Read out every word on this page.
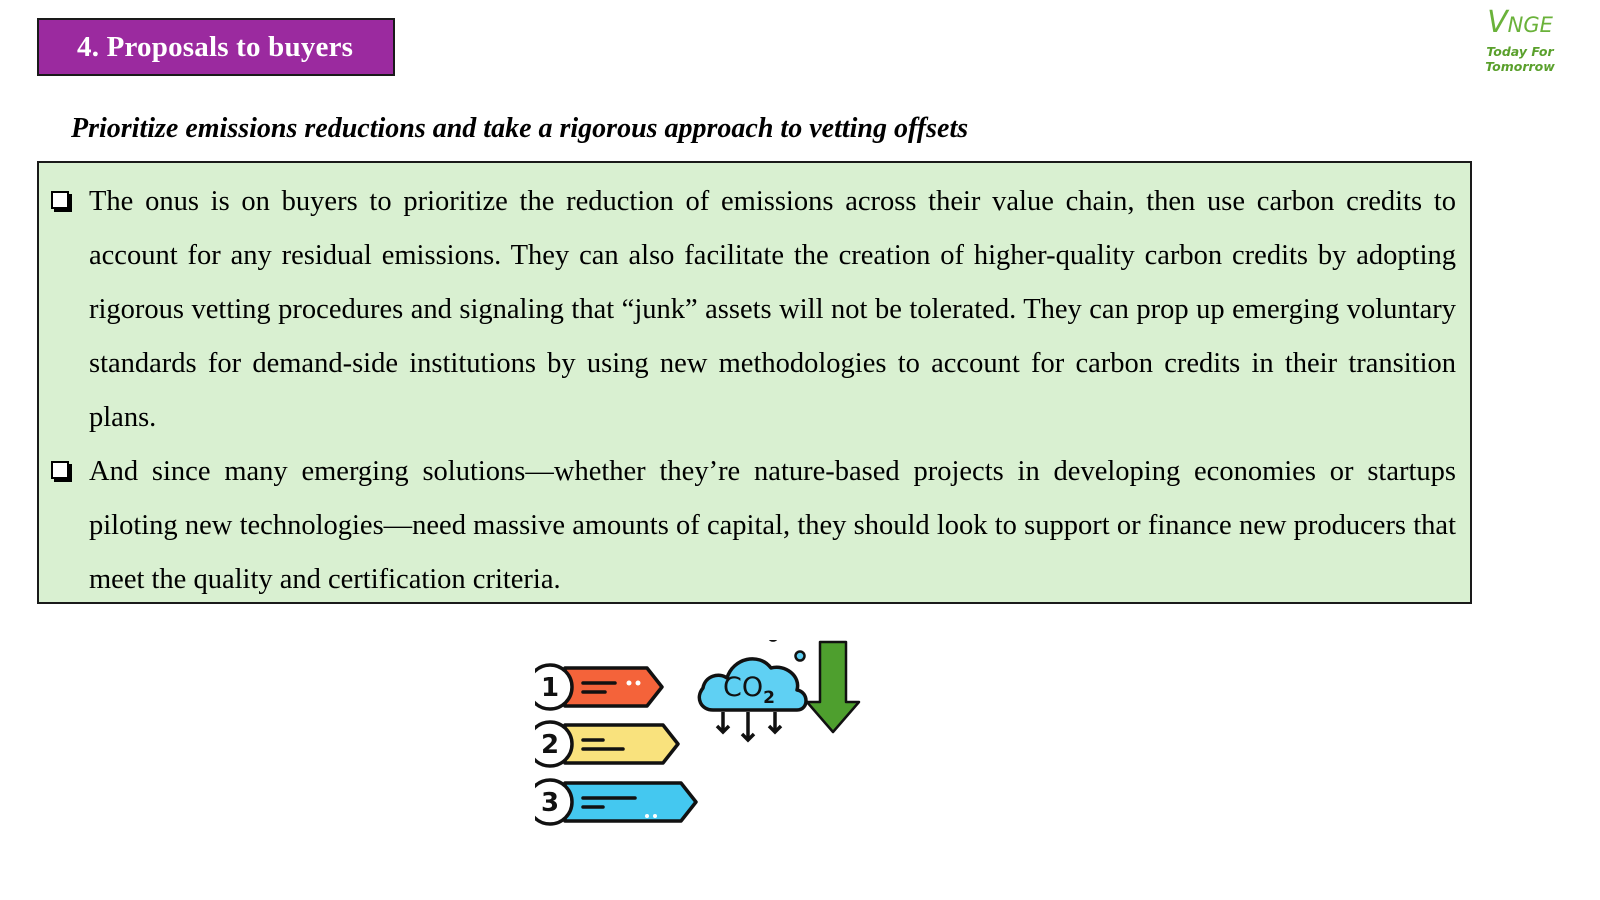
4. Proposals to buyers
VNGE
Today For Tomorrow
Prioritize emissions reductions and take a rigorous approach to vetting offsets
The onus is on buyers to prioritize the reduction of emissions across their value chain, then use carbon credits to account for any residual emissions. They can also facilitate the creation of higher-quality carbon credits by adopting rigorous vetting procedures and signaling that “junk” assets will not be tolerated. They can prop up emerging voluntary standards for demand-side institutions by using new methodologies to account for carbon credits in their transition plans.
And since many emerging solutions—whether they’re nature-based projects in developing economies or startups piloting new technologies—need massive amounts of capital, they should look to support or finance new producers that meet the quality and certification criteria.
1
2
3
$CO_2$
